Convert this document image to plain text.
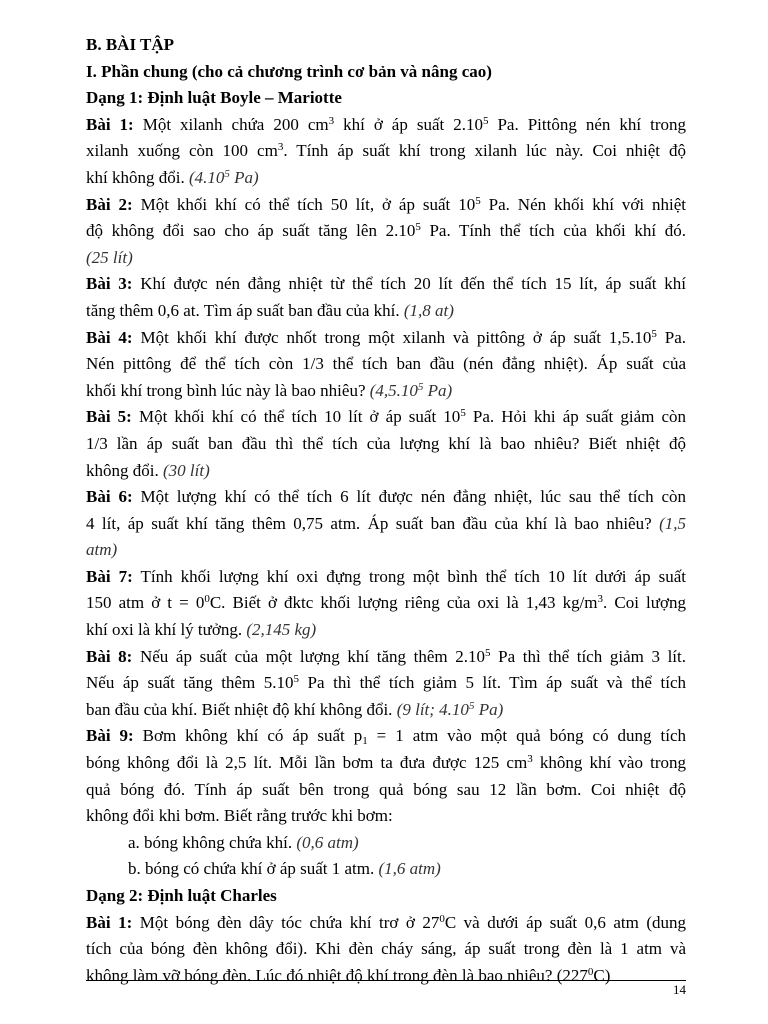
B. BÀI TẬP
I. Phần chung (cho cả chương trình cơ bản và nâng cao)
Dạng 1: Định luật Boyle – Mariotte
Bài 1: Một xilanh chứa 200 $cm^3$ khí ở áp suất 2.10$^5$ Pa. Pittông nén khí trong
xilanh xuống còn 100 $cm^3$. Tính áp suất khí trong xilanh lúc này. Coi nhiệt độ
khí không đổi. (4.10$^5$ Pa)
Bài 2: Một khối khí có thể tích 50 lít, ở áp suất $10^5$ Pa. Nén khối khí với nhiệt
độ không đổi sao cho áp suất tăng lên 2.10$^5$ Pa. Tính thể tích của khối khí đó.
(25 lít)
Bài 3: Khí được nén đẳng nhiệt từ thể tích 20 lít đến thể tích 15 lít, áp suất khí
tăng thêm 0,6 at. Tìm áp suất ban đầu của khí. (1,8 at)
Bài 4: Một khối khí được nhốt trong một xilanh và pittông ở áp suất 1,5.10$^5$ Pa.
Nén pittông để thể tích còn 1/3 thể tích ban đầu (nén đẳng nhiệt). Áp suất của
khối khí trong bình lúc này là bao nhiêu? (4,5.10$^5$ Pa)
Bài 5: Một khối khí có thể tích 10 lít ở áp suất $10^5$ Pa. Hỏi khi áp suất giảm còn
1/3 lần áp suất ban đầu thì thể tích của lượng khí là bao nhiêu? Biết nhiệt độ
không đổi. (30 lít)
Bài 6: Một lượng khí có thể tích 6 lít được nén đẳng nhiệt, lúc sau thể tích còn
4 lít, áp suất khí tăng thêm 0,75 atm. Áp suất ban đầu của khí là bao nhiêu? (1,5
atm)
Bài 7: Tính khối lượng khí oxi đựng trong một bình thể tích 10 lít dưới áp suất
150 atm ở $t = 0^0C$. Biết ở đktc khối lượng riêng của oxi là 1,43 $kg/m^3$. Coi lượng
khí oxi là khí lý tưởng. (2,145 kg)
Bài 8: Nếu áp suất của một lượng khí tăng thêm 2.10$^5$ Pa thì thể tích giảm 3 lít.
Nếu áp suất tăng thêm 5.10$^5$ Pa thì thể tích giảm 5 lít. Tìm áp suất và thể tích
ban đầu của khí. Biết nhiệt độ khí không đổi. (9 lít; 4.10$^5$ Pa)
Bài 9: Bơm không khí có áp suất $p_1 = 1$ atm vào một quả bóng có dung tích
bóng không đổi là 2,5 lít. Mỗi lần bơm ta đưa được 125 $cm^3$ không khí vào trong
quả bóng đó. Tính áp suất bên trong quả bóng sau 12 lần bơm. Coi nhiệt độ
không đổi khi bơm. Biết rằng trước khi bơm:
a. bóng không chứa khí. (0,6 atm)
b. bóng có chứa khí ở áp suất 1 atm. (1,6 atm)
Dạng 2: Định luật Charles
Bài 1: Một bóng đèn dây tóc chứa khí trơ ở $27^0C$ và dưới áp suất 0,6 atm (dung
tích của bóng đèn không đổi). Khi đèn cháy sáng, áp suất trong đèn là 1 atm và
không làm vỡ bóng đèn. Lúc đó nhiệt độ khí trong đèn là bao nhiêu? $(227^0C)$
14
